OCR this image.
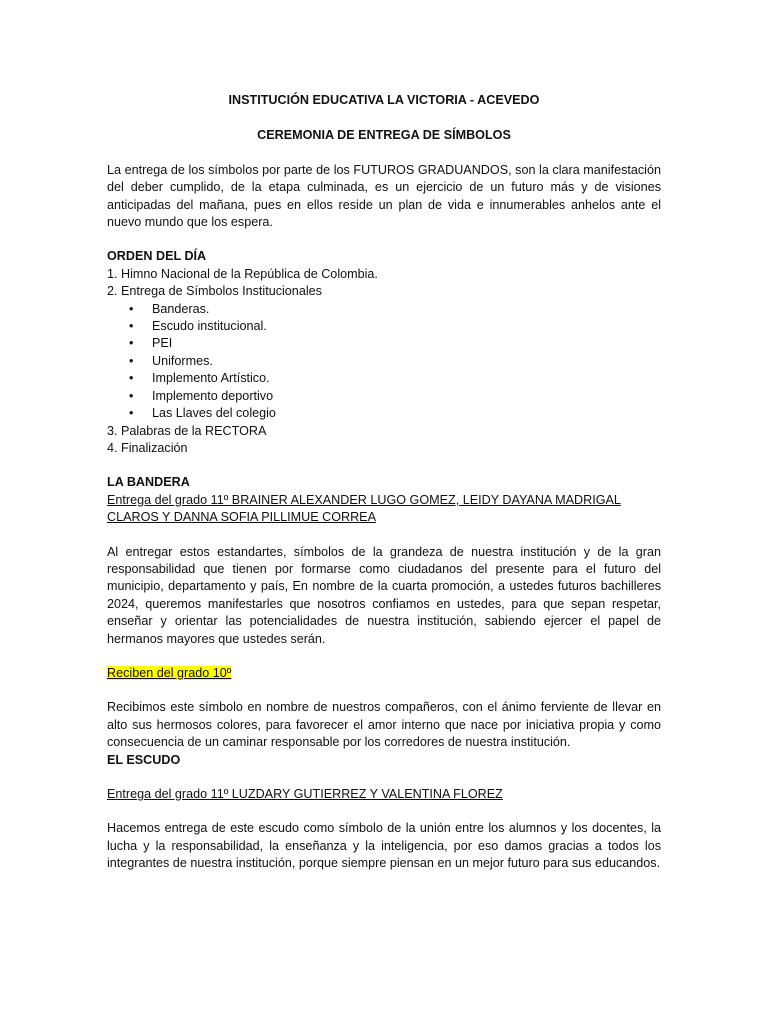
INSTITUCIÓN EDUCATIVA LA VICTORIA - ACEVEDO
CEREMONIA DE ENTREGA DE SÍMBOLOS

La entrega de los símbolos por parte de los FUTUROS GRADUANDOS, son la clara manifestación del deber cumplido, de la etapa culminada, es un ejercicio de un futuro más y de visiones anticipadas del mañana, pues en ellos reside un plan de vida e innumerables anhelos ante el nuevo mundo que los espera.

ORDEN DEL DÍA
1. Himno Nacional de la República de Colombia.
2. Entrega de Símbolos Institucionales
• Banderas.
• Escudo institucional.
• PEI
• Uniformes.
• Implemento Artístico.
• Implemento deportivo
• Las Llaves del colegio
3. Palabras de la RECTORA
4. Finalización
LA BANDERA
Entrega del grado 11º BRAINER ALEXANDER LUGO GOMEZ, LEIDY DAYANA MADRIGAL CLAROS Y DANNA SOFIA PILLIMUE CORREA

Al entregar estos estandartes, símbolos de la grandeza de nuestra institución y de la gran responsabilidad que tienen por formarse como ciudadanos del presente para el futuro del municipio, departamento y país, En nombre de la cuarta promoción, a ustedes futuros bachilleres 2024, queremos manifestarles que nosotros confiamos en ustedes, para que sepan respetar, enseñar y orientar las potencialidades de nuestra institución, sabiendo ejercer el papel de hermanos mayores que ustedes serán.

Reciben del grado 10º

Recibimos este símbolo en nombre de nuestros compañeros, con el ánimo ferviente de llevar en alto sus hermosos colores, para favorecer el amor interno que nace por iniciativa propia y como consecuencia de un caminar responsable por los corredores de nuestra institución.

EL ESCUDO
Entrega del grado 11º LUZDARY GUTIERREZ Y VALENTINA FLOREZ

Hacemos entrega de este escudo como símbolo de la unión entre los alumnos y los docentes, la lucha y la responsabilidad, la enseñanza y la inteligencia, por eso damos gracias a todos los integrantes de nuestra institución, porque siempre piensan en un mejor futuro para sus educandos.
